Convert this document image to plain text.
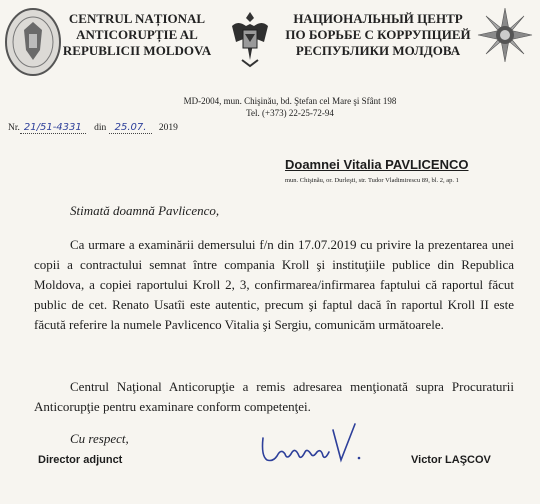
CENTRUL NAȚIONAL
ANTICORUPȚIE AL
REPUBLICII MOLDOVA
НАЦИОНАЛЬНЫЙ ЦЕНТР
ПО БОРЬБЕ С КОРРУПЦИЕЙ
РЕСПУБЛИКИ МОЛДОВА
MD-2004, mun. Chişinău, bd. Ştefan cel Mare şi Sfânt 198
Tel. (+373) 22-25-72-94
Nr. 21/51-4331 din 25.07. 2019
Doamnei Vitalia PAVLICENCO
mun. Chişinău, or. Durleşti, str. Tudor Vladimirescu 89, bl. 2, ap. 1
Stimată doamnă Pavlicenco,
Ca urmare a examinării demersului f/n din 17.07.2019 cu privire la prezentarea unei copii a contractului semnat între compania Kroll şi instituţiile publice din Republica Moldova, a copiei raportului Kroll 2, 3, confirmarea/infirmarea faptului că raportul făcut public de cet. Renato Usatîi este autentic, precum şi faptul dacă în raportul Kroll II este făcută referire la numele Pavlicenco Vitalia şi Sergiu, comunicăm următoarele.
Centrul Naţional Anticorupţie a remis adresarea menţionată supra Procuraturii Anticorupţie pentru examinare conform competenţei.
Cu respect,
Director adjunct	Victor LAŞCOV
